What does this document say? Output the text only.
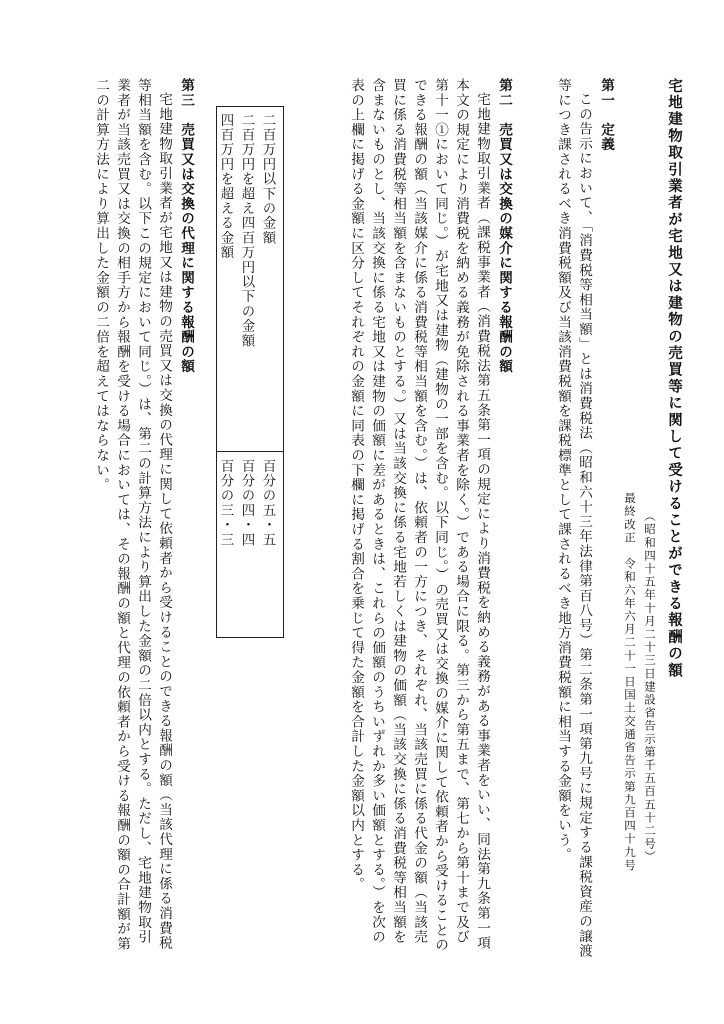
宅地建物取引業者が宅地又は建物の売買等に関して受けることができる報酬の額
（昭和四十五年十月二十三日建設省告示第千五百五十二号）
最終改正　令和六年六月二十一日国土交通省告示第九百四十九号
第一　定義
この告示において、「消費税等相当額」とは消費税法（昭和六十三年法律第百八号）第二条第一項第九号に規定する課税資産の譲渡等につき課されるべき消費税額及び当該消費税額を課税標準として課されるべき地方消費税額に相当する金額をいう。
第二　売買又は交換の媒介に関する報酬の額
宅地建物取引業者（課税事業者（消費税法第五条第一項の規定により消費税を納める義務がある事業者をいい、同法第九条第一項本文の規定により消費税を納める義務が免除される事業者を除く。）である場合に限る。第三から第五まで、第七から第十まで及び第十一①において同じ。）が宅地又は建物（建物の一部を含む。以下同じ。）の売買又は交換の媒介に関して依頼者から受けることのできる報酬の額（当該媒介に係る消費税等相当額を含む。）は、依頼者の一方につき、それぞれ、当該売買に係る代金の額（当該売買に係る消費税等相当額を含まないものとする。）又は当該交換に係る宅地若しくは建物の価額（当該交換に係る消費税等相当額を含まないものとし、当該交換に係る宅地又は建物の価額に差があるときは、これらの価額のうちいずれか多い価額とする。）を次の表の上欄に掲げる金額に区分してそれぞれの金額に同表の下欄に掲げる割合を乗じて得た金額を合計した金額以内とする。
二百万円以下の金額
二百万円を超え四百万円以下の金額
四百万円を超える金額
百分の五・五
百分の四・四
百分の三・三
第三　売買又は交換の代理に関する報酬の額
宅地建物取引業者が宅地又は建物の売買又は交換の代理に関して依頼者から受けることのできる報酬の額（当該代理に係る消費税等相当額を含む。以下この規定において同じ。）は、第二の計算方法により算出した金額の二倍以内とする。ただし、宅地建物取引業者が当該売買又は交換の相手方から報酬を受ける場合においては、その報酬の額と代理の依頼者から受ける報酬の額の合計額が第二の計算方法により算出した金額の二倍を超えてはならない。
